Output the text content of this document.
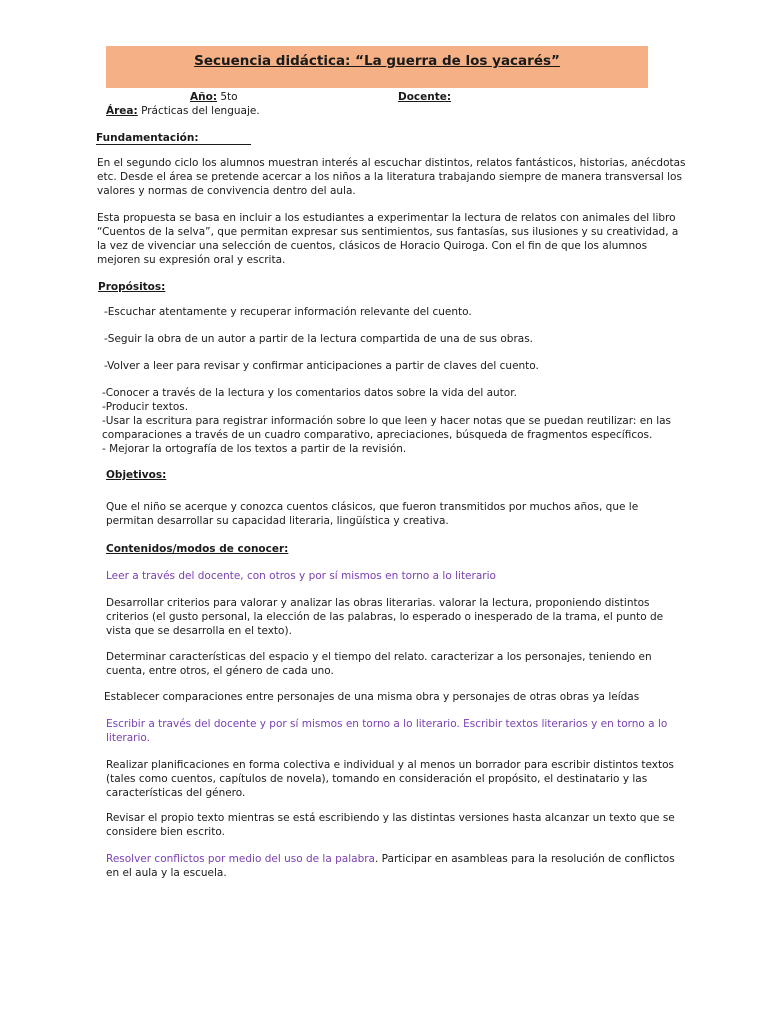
Secuencia didáctica: “La guerra de los yacarés”
Año: 5to	Docente:
Área: Prácticas del lenguaje.
Fundamentación:
En el segundo ciclo los alumnos muestran interés al escuchar distintos, relatos fantásticos, historias, anécdotas
etc. Desde el área se pretende acercar a los niños a la literatura trabajando siempre de manera transversal los
valores y normas de convivencia dentro del aula.
Esta propuesta se basa en incluir a los estudiantes a experimentar la lectura de relatos con animales del libro
“Cuentos de la selva”, que permitan expresar sus sentimientos, sus fantasías, sus ilusiones y su creatividad, a
la vez de vivenciar una selección de cuentos, clásicos de Horacio Quiroga. Con el fin de que los alumnos
mejoren su expresión oral y escrita.
Propósitos:
-Escuchar atentamente y recuperar información relevante del cuento.
-Seguir la obra de un autor a partir de la lectura compartida de una de sus obras.
-Volver a leer para revisar y confirmar anticipaciones a partir de claves del cuento.
-Conocer a través de la lectura y los comentarios datos sobre la vida del autor.
-Producir textos.
-Usar la escritura para registrar información sobre lo que leen y hacer notas que se puedan reutilizar: en las
comparaciones a través de un cuadro comparativo, apreciaciones, búsqueda de fragmentos específicos.
- Mejorar la ortografía de los textos a partir de la revisión.
Objetivos:
Que el niño se acerque y conozca cuentos clásicos, que fueron transmitidos por muchos años, que le
permitan desarrollar su capacidad literaria, lingüística y creativa.
Contenidos/modos de conocer:
Leer a través del docente, con otros y por sí mismos en torno a lo literario
Desarrollar criterios para valorar y analizar las obras literarias. valorar la lectura, proponiendo distintos
criterios (el gusto personal, la elección de las palabras, lo esperado o inesperado de la trama, el punto de
vista que se desarrolla en el texto).
Determinar características del espacio y el tiempo del relato. caracterizar a los personajes, teniendo en
cuenta, entre otros, el género de cada uno.
Establecer comparaciones entre personajes de una misma obra y personajes de otras obras ya leídas
Escribir a través del docente y por sí mismos en torno a lo literario. Escribir textos literarios y en torno a lo
literario.
Realizar planificaciones en forma colectiva e individual y al menos un borrador para escribir distintos textos
(tales como cuentos, capítulos de novela), tomando en consideración el propósito, el destinatario y las
características del género.
Revisar el propio texto mientras se está escribiendo y las distintas versiones hasta alcanzar un texto que se
considere bien escrito.
Resolver conflictos por medio del uso de la palabra. Participar en asambleas para la resolución de conflictos
en el aula y la escuela.
